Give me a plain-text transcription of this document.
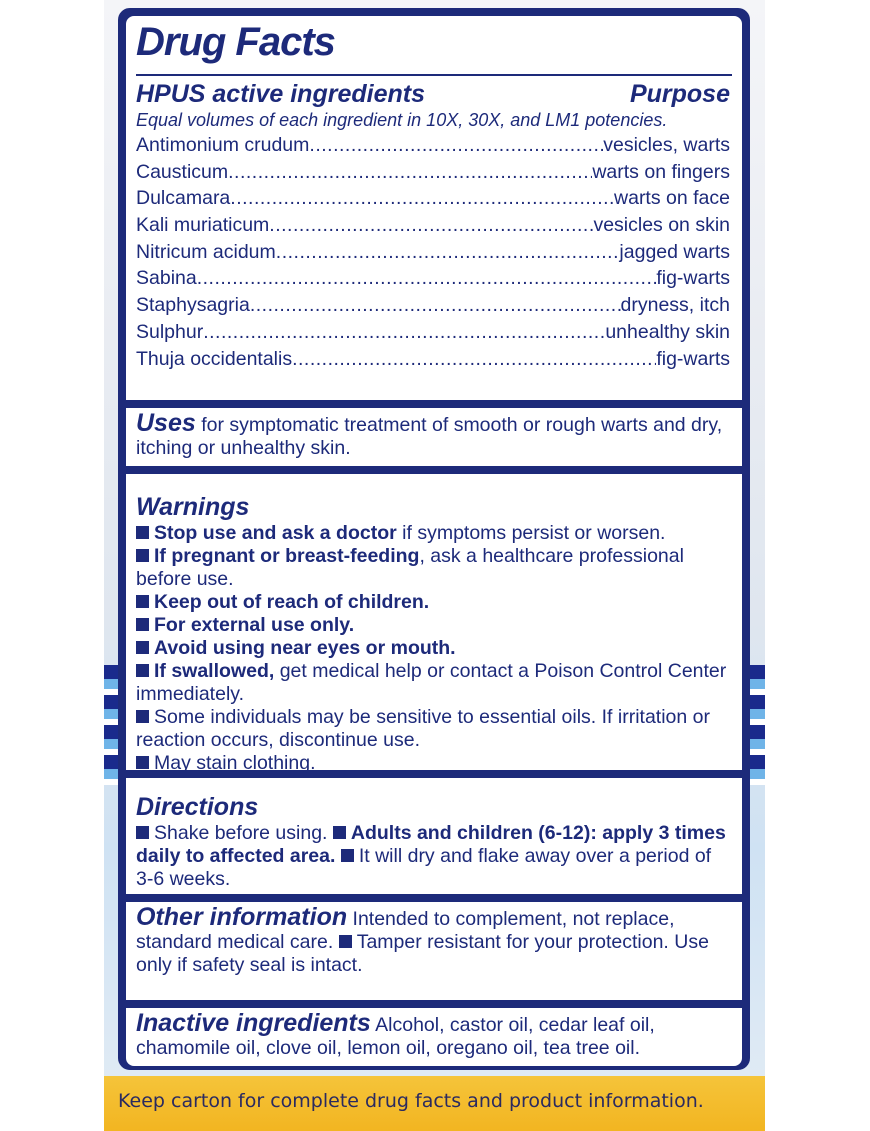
Drug Facts
HPUS active ingredients	Purpose
Equal volumes of each ingredient in 10X, 30X, and LM1 potencies.
Antimonium crudum .....	vesicles, warts
Causticum .....	warts on fingers
Dulcamara .....	warts on face
Kali muriaticum .....	vesicles on skin
Nitricum acidum .....	jagged warts
Sabina .....	fig-warts
Staphysagria .....	dryness, itch
Sulphur .....	unhealthy skin
Thuja occidentalis .....	fig-warts
Uses for symptomatic treatment of smooth or rough warts and dry, itching or unhealthy skin.
Warnings
Stop use and ask a doctor if symptoms persist or worsen.
If pregnant or breast-feeding, ask a healthcare professional before use.
Keep out of reach of children.
For external use only.
Avoid using near eyes or mouth.
If swallowed, get medical help or contact a Poison Control Center immediately.
Some individuals may be sensitive to essential oils. If irritation or reaction occurs, discontinue use.
May stain clothing.
Directions
Shake before using. Adults and children (6-12): apply 3 times daily to affected area. It will dry and flake away over a period of 3-6 weeks.
Other information Intended to complement, not replace, standard medical care. Tamper resistant for your protection. Use only if safety seal is intact.
Inactive ingredients Alcohol, castor oil, cedar leaf oil, chamomile oil, clove oil, lemon oil, oregano oil, tea tree oil.
Keep carton for complete drug facts and product information.
